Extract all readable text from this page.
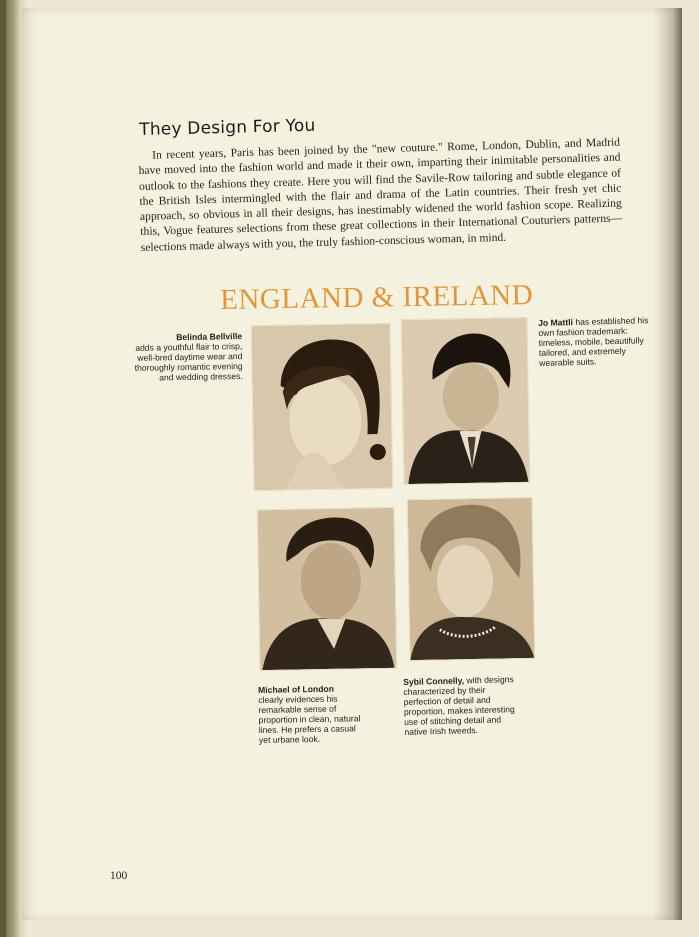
They Design For You

In recent years, Paris has been joined by the "new couture." Rome, London, Dublin, and Madrid have moved into the fashion world and made it their own, imparting their inimitable personalities and outlook to the fashions they create. Here you will find the Savile-Row tailoring and subtle elegance of the British Isles intermingled with the flair and drama of the Latin countries. Their fresh yet chic approach, so obvious in all their designs, has inestimably widened the world fashion scope. Realizing this, Vogue features selections from these great collections in their International Couturiers patterns—selections made always with you, the truly fashion-conscious woman, in mind.

ENGLAND & IRELAND

Belinda Bellville
adds a youthful flair to crisp, well-bred daytime wear and thoroughly romantic evening and wedding dresses.

Jo Mattli has established his own fashion trademark: timeless, mobile, beautifully tailored, and extremely wearable suits.

Michael of London
clearly evidences his remarkable sense of proportion in clean, natural lines. He prefers a casual yet urbane look.

Sybil Connelly, with designs characterized by their perfection of detail and proportion, makes interesting use of stitching detail and native Irish tweeds.

100
